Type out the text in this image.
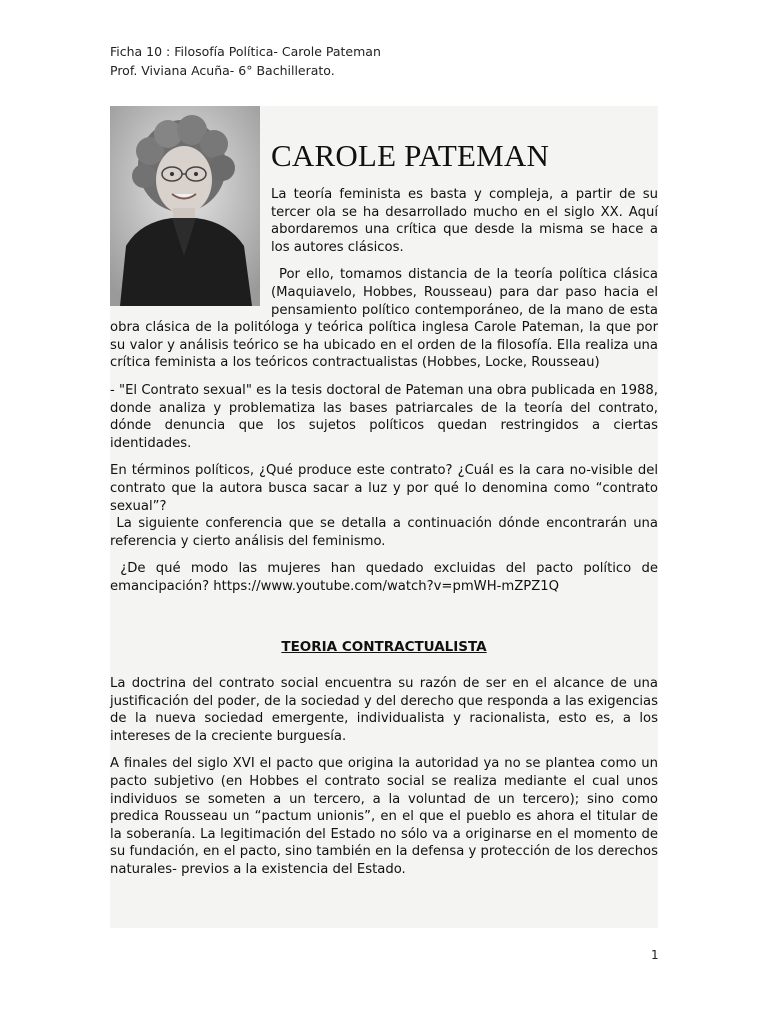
Ficha 10 : Filosofía Política- Carole Pateman
Prof. Viviana Acuña- 6° Bachillerato.
CAROLE PATEMAN

La teoría feminista es basta y compleja, a partir de su tercer ola se ha desarrollado mucho en el siglo XX. Aquí abordaremos una crítica que desde la misma se hace a los autores clásicos.

Por ello, tomamos distancia de la teoría política clásica (Maquiavelo, Hobbes, Rousseau) para dar paso hacia el pensamiento político contemporáneo, de la mano de esta obra clásica de la politóloga y teórica política inglesa Carole Pateman, la que por su valor y análisis teórico se ha ubicado en el orden de la filosofía. Ella realiza una crítica feminista a los teóricos contractualistas (Hobbes, Locke, Rousseau)

- "El Contrato sexual" es la tesis doctoral de Pateman una obra publicada en 1988, donde analiza y problematiza las bases patriarcales de la teoría del contrato, dónde denuncia que los sujetos políticos quedan restringidos a ciertas identidades.

En términos políticos, ¿Qué produce este contrato? ¿Cuál es la cara no-visible del contrato que la autora busca sacar a luz y por qué lo denomina como “contrato sexual”?

La siguiente conferencia que se detalla a continuación dónde encontrarán una referencia y cierto análisis del feminismo.

¿De qué modo las mujeres han quedado excluidas del pacto político de emancipación? https://www.youtube.com/watch?v=pmWH-mZPZ1Q

TEORIA CONTRACTUALISTA

La doctrina del contrato social encuentra su razón de ser en el alcance de una justificación del poder, de la sociedad y del derecho que responda a las exigencias de la nueva sociedad emergente, individualista y racionalista, esto es, a los intereses de la creciente burguesía.

A finales del siglo XVI el pacto que origina la autoridad ya no se plantea como un pacto subjetivo (en Hobbes el contrato social se realiza mediante el cual unos individuos se someten a un tercero, a la voluntad de un tercero); sino como predica Rousseau un “pactum unionis”, en el que el pueblo es ahora el titular de la soberanía. La legitimación del Estado no sólo va a originarse en el momento de su fundación, en el pacto, sino también en la defensa y protección de los derechos naturales- previos a la existencia del Estado.

1
